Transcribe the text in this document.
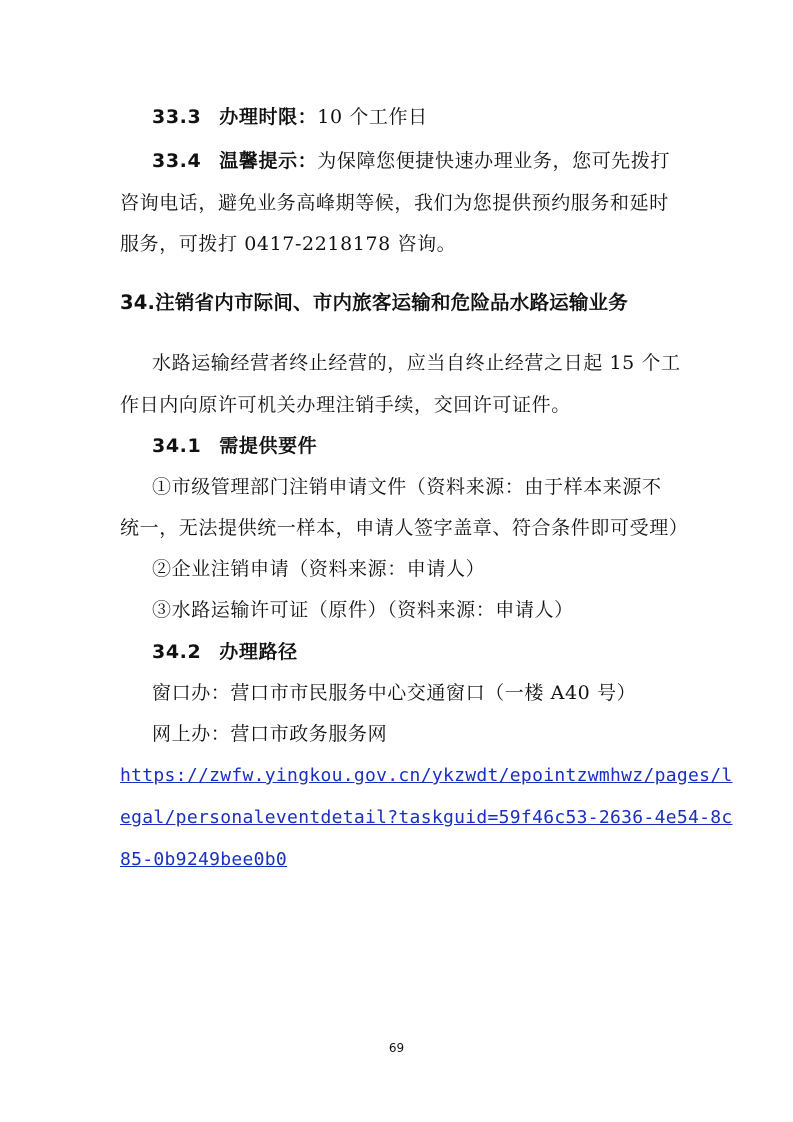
33.3 办理时限：10 个工作日
33.4 温馨提示：为保障您便捷快速办理业务，您可先拨打
咨询电话，避免业务高峰期等候，我们为您提供预约服务和延时
服务，可拨打 0417-2218178 咨询。
34.注销省内市际间、市内旅客运输和危险品水路运输业务
水路运输经营者终止经营的，应当自终止经营之日起 15 个工
作日内向原许可机关办理注销手续，交回许可证件。
34.1 需提供要件
①市级管理部门注销申请文件（资料来源：由于样本来源不
统一，无法提供统一样本，申请人签字盖章、符合条件即可受理）
②企业注销申请（资料来源：申请人）
③水路运输许可证（原件）（资料来源：申请人）
34.2 办理路径
窗口办：营口市市民服务中心交通窗口（一楼 A40 号）
网上办：营口市政务服务网
https://zwfw.yingkou.gov.cn/ykzwdt/epointzwmhwz/pages/l
egal/personaleventdetail?taskguid=59f46c53-2636-4e54-8c
85-0b9249bee0b0
69
